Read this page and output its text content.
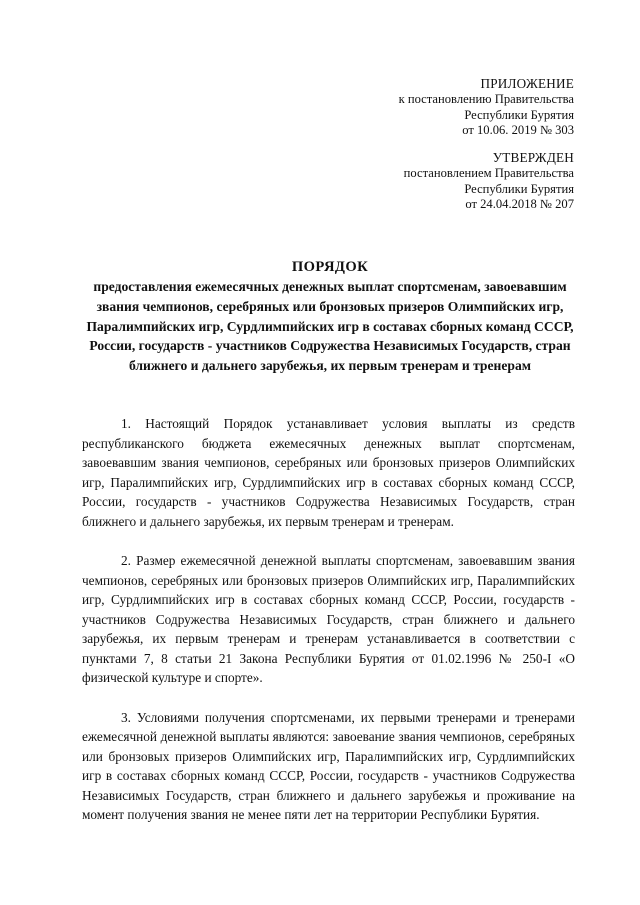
ПРИЛОЖЕНИЕ
к постановлению Правительства
Республики Бурятия
от 10.06. 2019 № 303
УТВЕРЖДЕН
постановлением Правительства
Республики Бурятия
от 24.04.2018 № 207
ПОРЯДОК
предоставления ежемесячных денежных выплат спортсменам, завоевавшим звания чемпионов, серебряных или бронзовых призеров Олимпийских игр, Паралимпийских игр, Сурдлимпийских игр в составах сборных команд СССР, России, государств - участников Содружества Независимых Государств, стран ближнего и дальнего зарубежья, их первым тренерам и тренерам

1. Настоящий Порядок устанавливает условия выплаты из средств республиканского бюджета ежемесячных денежных выплат спортсменам, завоевавшим звания чемпионов, серебряных или бронзовых призеров Олимпийских игр, Паралимпийских игр, Сурдлимпийских игр в составах сборных команд СССР, России, государств - участников Содружества Независимых Государств, стран ближнего и дальнего зарубежья, их первым тренерам и тренерам.

2. Размер ежемесячной денежной выплаты спортсменам, завоевавшим звания чемпионов, серебряных или бронзовых призеров Олимпийских игр, Паралимпийских игр, Сурдлимпийских игр в составах сборных команд СССР, России, государств - участников Содружества Независимых Государств, стран ближнего и дальнего зарубежья, их первым тренерам и тренерам устанавливается в соответствии с пунктами 7, 8 статьи 21 Закона Республики Бурятия от 01.02.1996 № 250-I «О физической культуре и спорте».

3. Условиями получения спортсменами, их первыми тренерами и тренерами ежемесячной денежной выплаты являются: завоевание звания чемпионов, серебряных или бронзовых призеров Олимпийских игр, Паралимпийских игр, Сурдлимпийских игр в составах сборных команд СССР, России, государств - участников Содружества Независимых Государств, стран ближнего и дальнего зарубежья и проживание на момент получения звания не менее пяти лет на территории Республики Бурятия.
